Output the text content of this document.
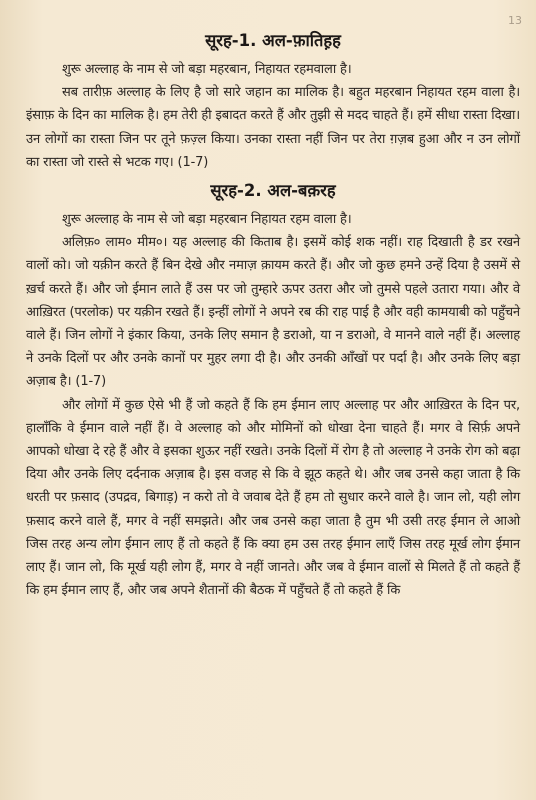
13
सूरह-1. अल-फ़ातिह़ह

शुरू अल्लाह के नाम से जो बड़ा महरबान, निहायत रहमवाला है।

सब तारीफ़ अल्लाह के लिए है जो सारे जहान का मालिक है। बहुत महरबान निहायत रहम वाला है। इंसाफ़ के दिन का मालिक है। हम तेरी ही इबादत करते हैं और तुझी से मदद चाहते हैं। हमें सीधा रास्ता दिखा। उन लोगों का रास्ता जिन पर तूने फ़ज़्ल किया। उनका रास्ता नहीं जिन पर तेरा ग़ज़ब हुआ और न उन लोगों का रास्ता जो रास्ते से भटक गए। (1-7)

सूरह-2. अल-बक़रह

शुरू अल्लाह के नाम से जो बड़ा महरबान निहायत रहम वाला है।

अलिफ़० लाम० मीम०। यह अल्लाह की किताब है। इसमें कोई शक नहीं। राह दिखाती है डर रखने वालों को। जो यक़ीन करते हैं बिन देखे और नमाज़ क़ायम करते हैं। और जो कुछ हमने उन्हें दिया है उसमें से ख़र्च करते हैं। और जो ईमान लाते हैं उस पर जो तुम्हारे ऊपर उतरा और जो तुमसे पहले उतारा गया। और वे आख़िरत (परलोक) पर यक़ीन रखते हैं। इन्हीं लोगों ने अपने रब की राह पाई है और वही कामयाबी को पहुँचने वाले हैं। जिन लोगों ने इंकार किया, उनके लिए समान है डराओ, या न डराओ, वे मानने वाले नहीं हैं। अल्लाह ने उनके दिलों पर और उनके कानों पर मुहर लगा दी है। और उनकी आँखों पर पर्दा है। और उनके लिए बड़ा अज़ाब है। (1-7)

और लोगों में कुछ ऐसे भी हैं जो कहते हैं कि हम ईमान लाए अल्लाह पर और आख़िरत के दिन पर, हालाँकि वे ईमान वाले नहीं हैं। वे अल्लाह को और मोमिनों को धोखा देना चाहते हैं। मगर वे सिर्फ़ अपने आपको धोखा दे रहे हैं और वे इसका शुऊर नहीं रखते। उनके दिलों में रोग है तो अल्लाह ने उनके रोग को बढ़ा दिया और उनके लिए दर्दनाक अज़ाब है। इस वजह से कि वे झूठ कहते थे। और जब उनसे कहा जाता है कि धरती पर फ़साद (उपद्रव, बिगाड़) न करो तो वे जवाब देते हैं हम तो सुधार करने वाले है। जान लो, यही लोग फ़साद करने वाले हैं, मगर वे नहीं समझते। और जब उनसे कहा जाता है तुम भी उसी तरह ईमान ले आओ जिस तरह अन्य लोग ईमान लाए हैं तो कहते हैं कि क्या हम उस तरह ईमान लाएँ जिस तरह मूर्ख लोग ईमान लाए हैं। जान लो, कि मूर्ख यही लोग हैं, मगर वे नहीं जानते। और जब वे ईमान वालों से मिलते हैं तो कहते हैं कि हम ईमान लाए हैं, और जब अपने शैतानों की बैठक में पहुँचते हैं तो कहते हैं कि
